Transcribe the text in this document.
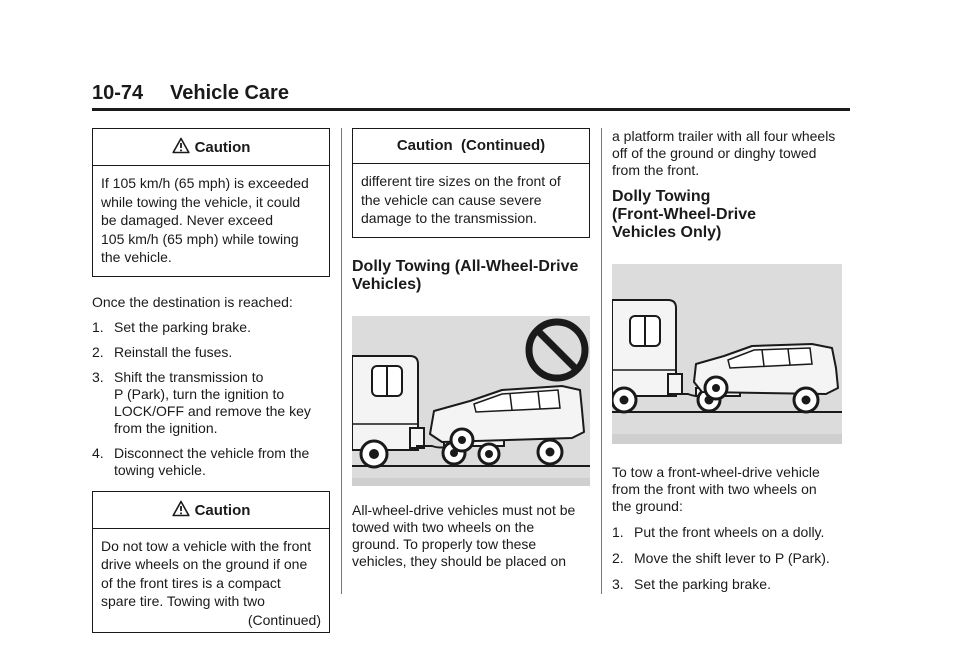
10-74 Vehicle Care
Caution
If 105 km/h (65 mph) is exceeded
while towing the vehicle, it could
be damaged. Never exceed
105 km/h (65 mph) while towing
the vehicle.

Once the destination is reached:

1. Set the parking brake.
2. Reinstall the fuses.
3. Shift the transmission to
P (Park), turn the ignition to
LOCK/OFF and remove the key
from the ignition.
4. Disconnect the vehicle from the
towing vehicle.
Caution
Do not tow a vehicle with the front
drive wheels on the ground if one
of the front tires is a compact
spare tire. Towing with two
(Continued)
Caution  (Continued)
different tire sizes on the front of
the vehicle can cause severe
damage to the transmission.
Dolly Towing (All-Wheel-Drive
Vehicles)

All-wheel-drive vehicles must not be
towed with two wheels on the
ground. To properly tow these
vehicles, they should be placed on

a platform trailer with all four wheels
off of the ground or dinghy towed
from the front.

Dolly Towing
(Front-Wheel-Drive
Vehicles Only)

To tow a front-wheel-drive vehicle
from the front with two wheels on
the ground:

1. Put the front wheels on a dolly.
2. Move the shift lever to P (Park).
3. Set the parking brake.
